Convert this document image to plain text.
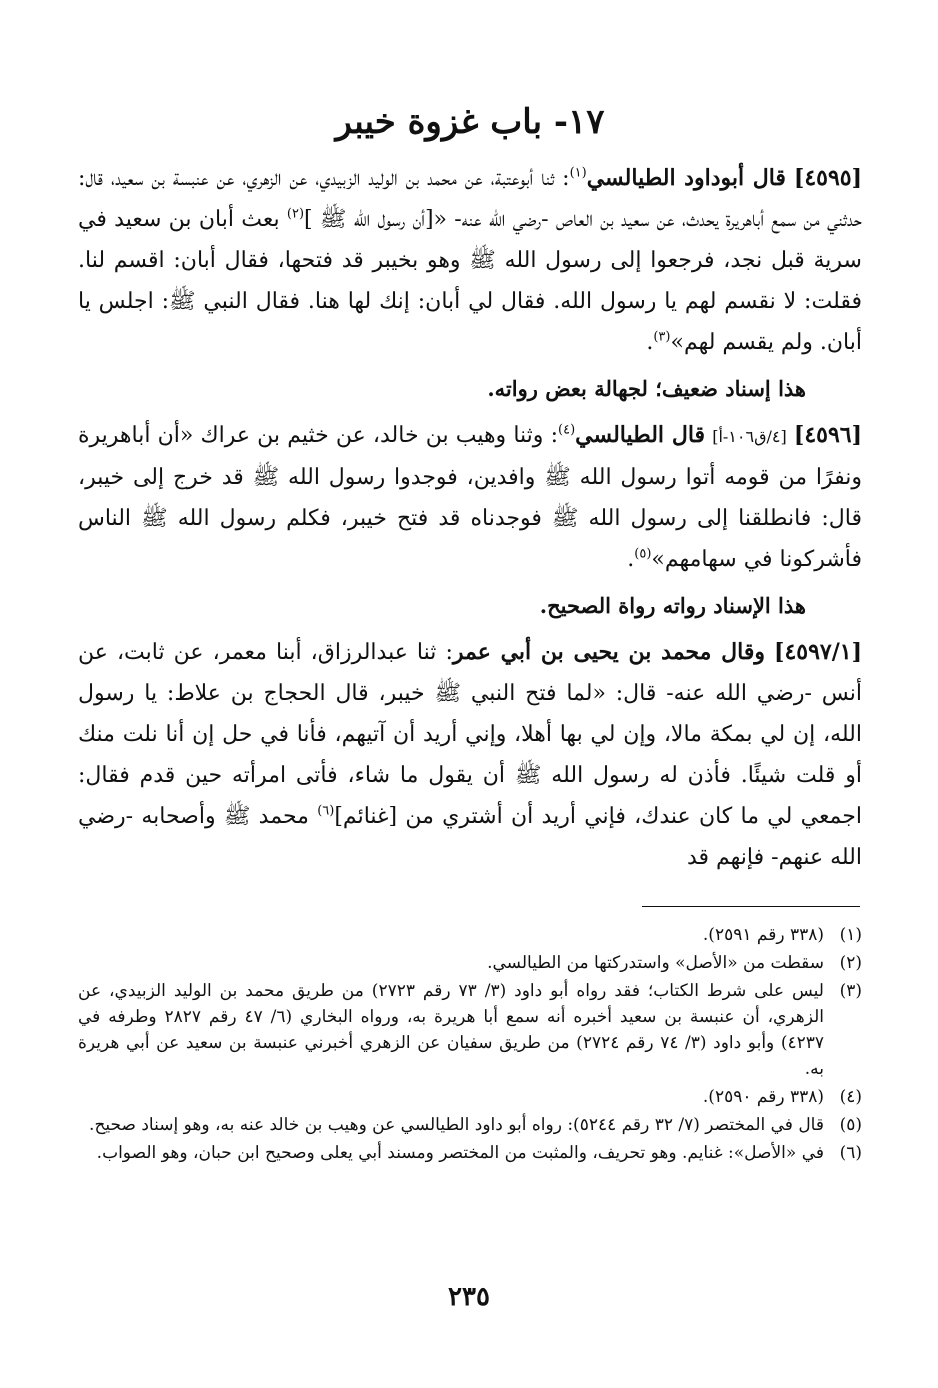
١٧- باب غزوة خيبر

[٤٥٩٥] قال أبوداود الطيالسي$^{(١)}$: ثنا أبوعتبة، عن محمد بن الوليد الزبيدي، عن الزهري، عن عنبسة بن سعيد، قال: حدثني من سمع أباهريرة يحدث، عن سعيد بن العاص -رضي الله عنه- «[أن رسول الله ﷺ ]$^{(٢)}$ بعث أبان بن سعيد في سرية قبل نجد، فرجعوا إلى رسول الله ﷺ وهو بخيبر قد فتحها، فقال أبان: اقسم لنا. فقلت: لا نقسم لهم يا رسول الله. فقال لي أبان: إنك لها هنا. فقال النبي ﷺ: اجلس يا أبان. ولم يقسم لهم»$^{(٣)}$.

هذا إسناد ضعيف؛ لجهالة بعض رواته.

[٤٥٩٦] [٤/ق١٠٦-أ] قال الطيالسي$^{(٤)}$: وثنا وهيب بن خالد، عن خثيم بن عراك «أن أباهريرة ونفرًا من قومه أتوا رسول الله ﷺ وافدين، فوجدوا رسول الله ﷺ قد خرج إلى خيبر، قال: فانطلقنا إلى رسول الله ﷺ فوجدناه قد فتح خيبر، فكلم رسول الله ﷺ الناس فأشركونا في سهامهم»$^{(٥)}$.

هذا الإسناد رواته رواة الصحيح.

[٤٥٩٧/١] وقال محمد بن يحيى بن أبي عمر: ثنا عبدالرزاق، أبنا معمر، عن ثابت، عن أنس -رضي الله عنه- قال: «لما فتح النبي ﷺ خيبر، قال الحجاج بن علاط: يا رسول الله، إن لي بمكة مالا، وإن لي بها أهلا، وإني أريد أن آتيهم، فأنا في حل إن أنا نلت منك أو قلت شيئًا. فأذن له رسول الله ﷺ أن يقول ما شاء، فأتى امرأته حين قدم فقال: اجمعي لي ما كان عندك، فإني أريد أن أشتري من [غنائم]$^{(٦)}$ محمد ﷺ وأصحابه -رضي الله عنهم- فإنهم قد

(١)
(٣٣٨ رقم ٢٥٩١).
(٢)
سقطت من «الأصل» واستدركتها من الطيالسي.
(٣)
ليس على شرط الكتاب؛ فقد رواه أبو داود (٣/ ٧٣ رقم ٢٧٢٣) من طريق محمد بن الوليد الزبيدي، عن الزهري، أن عنبسة بن سعيد أخبره أنه سمع أبا هريرة به، ورواه البخاري (٦/ ٤٧ رقم ٢٨٢٧ وطرفه في ٤٢٣٧) وأبو داود (٣/ ٧٤ رقم ٢٧٢٤) من طريق سفيان عن الزهري أخبرني عنبسة بن سعيد عن أبي هريرة به.
(٤)
(٣٣٨ رقم ٢٥٩٠).
(٥)
قال في المختصر (٧/ ٣٢ رقم ٥٢٤٤): رواه أبو داود الطيالسي عن وهيب بن خالد عنه به، وهو إسناد صحيح.
(٦)
في «الأصل»: غنايم. وهو تحريف، والمثبت من المختصر ومسند أبي يعلى وصحيح ابن حبان، وهو الصواب.
٢٣٥
